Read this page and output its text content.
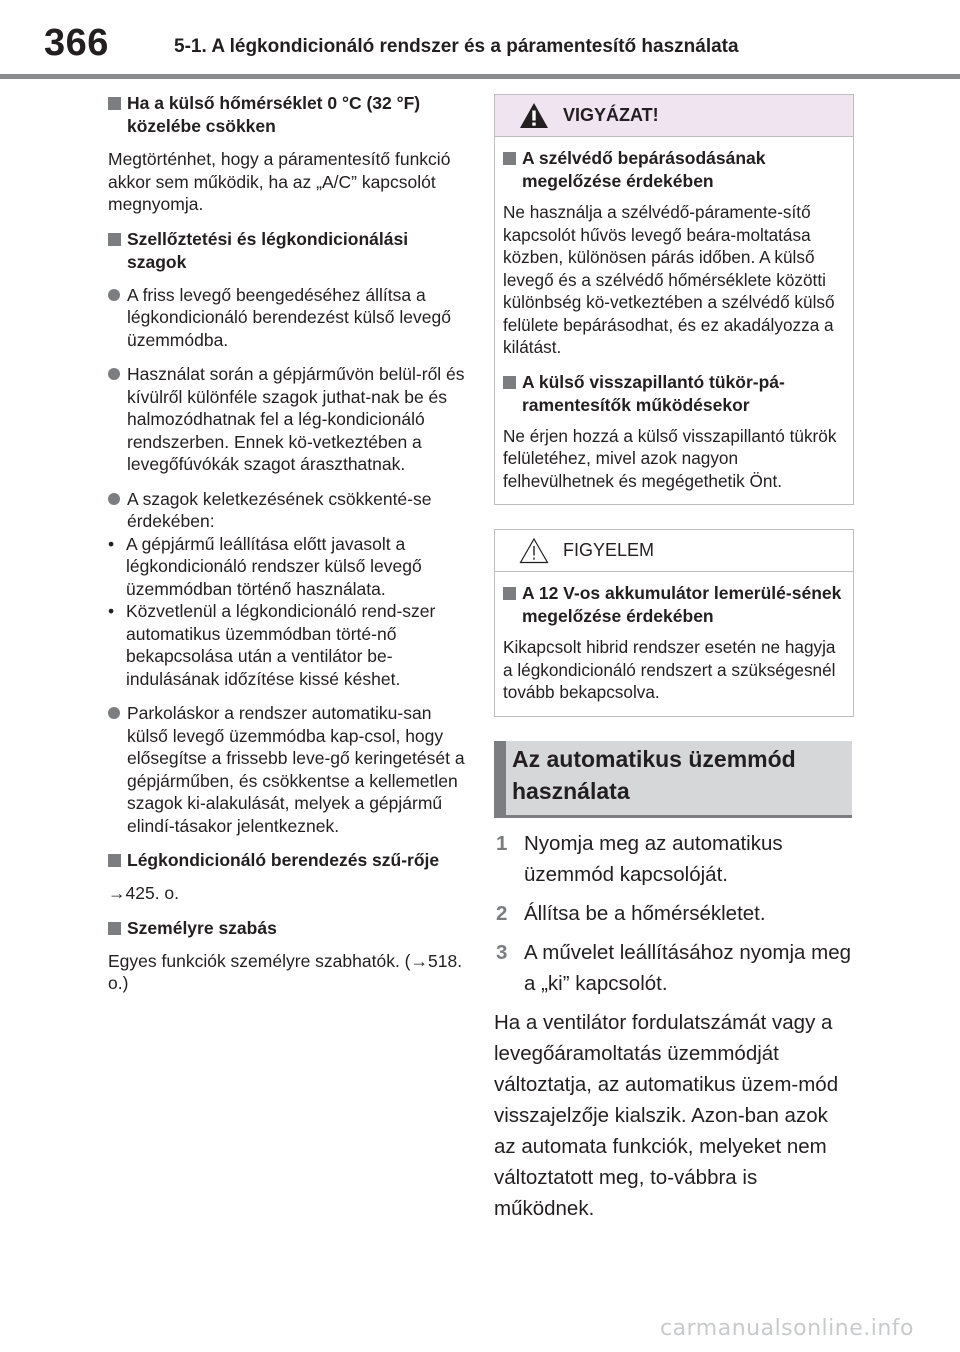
366	5-1. A légkondicionáló rendszer és a páramentesítő használata
Ha a külső hőmérséklet 0 °C (32 °F) közelébe csökken
Megtörténhet, hogy a páramentesítő funkció akkor sem működik, ha az „A/C” kapcsolót megnyomja.
Szellőztetési és légkondicionálási szagok
A friss levegő beengedéséhez állítsa a légkondicionáló berendezést külső levegő üzemmódba.
Használat során a gépjárművön belül-ről és kívülről különféle szagok juthat-nak be és halmozódhatnak fel a lég-kondicionáló rendszerben. Ennek kö-vetkeztében a levegőfúvókák szagot áraszthatnak.
A szagok keletkezésének csökkenté-se érdekében:
• A gépjármű leállítása előtt javasolt a légkondicionáló rendszer külső levegő üzemmódban történő használata.
• Közvetlenül a légkondicionáló rend-szer automatikus üzemmódban törté-nő bekapcsolása után a ventilátor be-indulásának időzítése kissé késhet.
Parkoláskor a rendszer automatiku-san külső levegő üzemmódba kap-csol, hogy elősegítse a frissebb leve-gő keringetését a gépjárműben, és csökkentse a kellemetlen szagok ki-alakulását, melyek a gépjármű elindí-tásakor jelentkeznek.
Légkondicionáló berendezés szű-rője
→425. o.
Személyre szabás
Egyes funkciók személyre szabhatók. (→518. o.)
VIGYÁZAT!
A szélvédő bepárásodásának megelőzése érdekében
Ne használja a szélvédő-páramente-sítő kapcsolót hűvös levegő beára-moltatása közben, különösen párás időben. A külső levegő és a szélvédő hőmérséklete közötti különbség kö-vetkeztében a szélvédő külső felülete bepárásodhat, és ez akadályozza a kilátást.
A külső visszapillantó tükör-pá-ramentesítők működésekor
Ne érjen hozzá a külső visszapillantó tükrök felületéhez, mivel azok nagyon felhevülhetnek és megégethetik Önt.
FIGYELEM
A 12 V-os akkumulátor lemerülé-sének megelőzése érdekében
Kikapcsolt hibrid rendszer esetén ne hagyja a légkondicionáló rendszert a szükségesnél tovább bekapcsolva.
Az automatikus üzemmód
használata
1 Nyomja meg az automatikus üzemmód kapcsolóját.
2 Állítsa be a hőmérsékletet.
3 A művelet leállításához nyomja meg a „ki” kapcsolót.
Ha a ventilátor fordulatszámát vagy a levegőáramoltatás üzemmódját változtatja, az automatikus üzem-mód visszajelzője kialszik. Azon-ban azok az automata funkciók, melyeket nem változtatott meg, to-vábbra is működnek.
carmanualsonline.info
